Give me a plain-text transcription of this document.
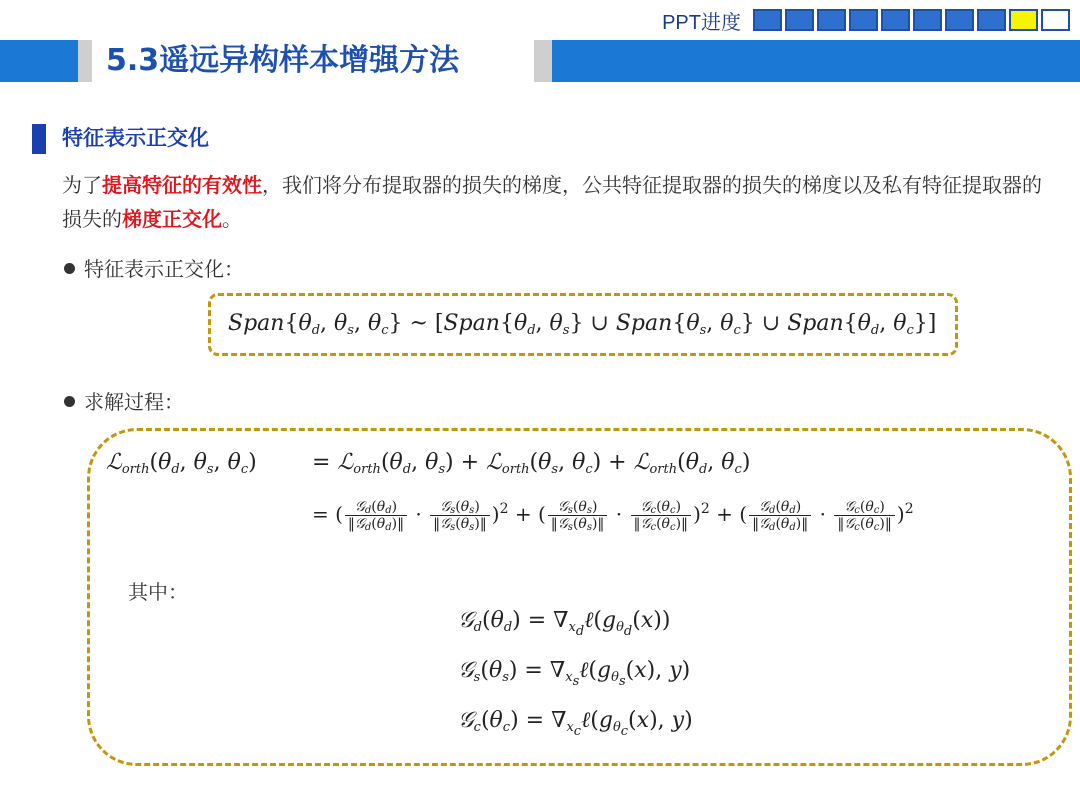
PPT进度
5.3遥远异构样本增强方法
特征表示正交化
为了提高特征的有效性，我们将分布提取器的损失的梯度，公共特征提取器的损失的梯度以及私有特征提取器的损失的梯度正交化。
特征表示正交化：
$Span\{\theta_d$, $\theta_s$, $\theta_c$} ~ [$Span\{\theta_d$, $\theta_s$} ∪ $Span\{\theta_s$, $\theta_c$} ∪ $Span\{\theta_d$, $\theta_c$}]
求解过程：
$ℒ_{orth}(\theta_d$, $\theta_s$, $\theta_c$)	= $ℒ_{orth}(\theta_d$, $\theta_s$) + $ℒ_{orth}(\theta_s$, $\theta_c$) + $ℒ_{orth}(\theta_d$, $\theta_c$)
= ( $\frac{𝒢_d(\theta_d)}{‖𝒢_d(\theta_d)‖} \cdot \frac{𝒢_s(\theta_s)}{‖𝒢_s(\theta_s)‖} )^2$ + ( $\frac{𝒢_s(\theta_s)}{‖𝒢_s(\theta_s)‖} \cdot \frac{𝒢_c(\theta_c)}{‖𝒢_c(\theta_c)‖} )^2$ + ( $\frac{𝒢_d(\theta_d)}{‖𝒢_d(\theta_d)‖} \cdot \frac{𝒢_c(\theta_c)}{‖𝒢_c(\theta_c)‖} )^2$
其中：
$𝒢_d(\theta_d)$ = $\nabla_{x_d}\ell(g_{\theta_d}(x))$
$𝒢_s(\theta_s)$ = $\nabla_{x_s}\ell(g_{\theta_s}(x)$, y)
$𝒢_c(\theta_c)$ = $\nabla_{x_c}\ell(g_{\theta_c}(x)$, y)
